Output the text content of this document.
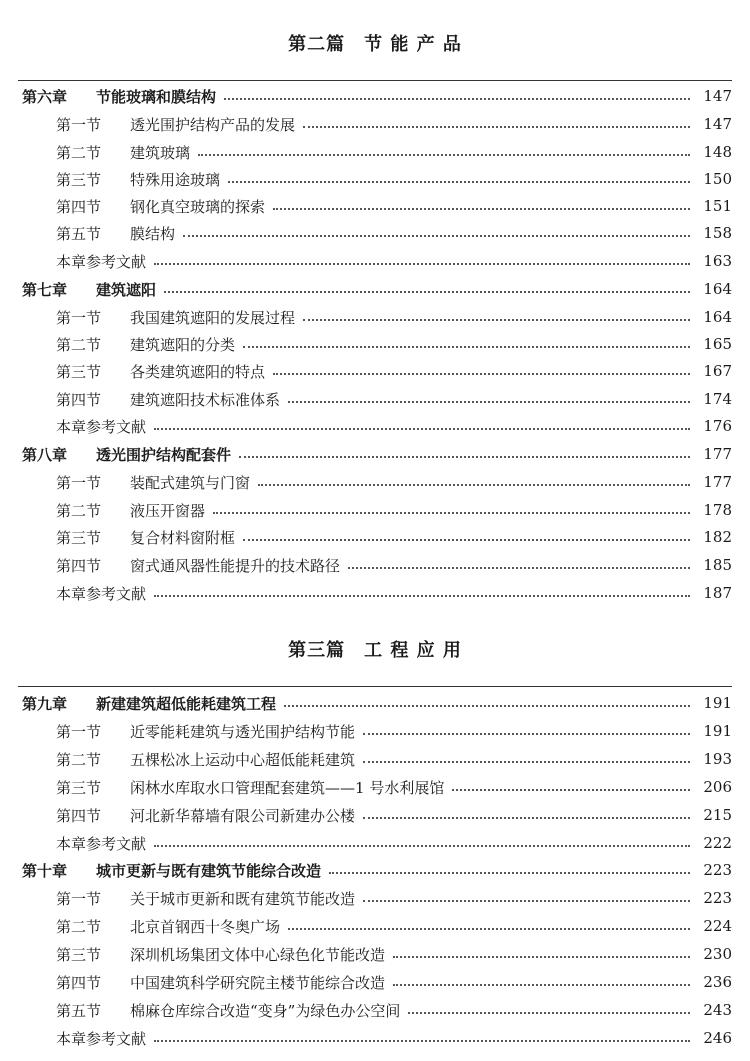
第二篇　节 能 产 品
第六章	节能玻璃和膜结构	147
第一节	透光围护结构产品的发展	147
第二节	建筑玻璃	148
第三节	特殊用途玻璃	150
第四节	钢化真空玻璃的探索	151
第五节	膜结构	158
本章参考文献	163
第七章	建筑遮阳	164
第一节	我国建筑遮阳的发展过程	164
第二节	建筑遮阳的分类	165
第三节	各类建筑遮阳的特点	167
第四节	建筑遮阳技术标准体系	174
本章参考文献	176
第八章	透光围护结构配套件	177
第一节	装配式建筑与门窗	177
第二节	液压开窗器	178
第三节	复合材料窗附框	182
第四节	窗式通风器性能提升的技术路径	185
本章参考文献	187
第三篇　工 程 应 用
第九章	新建建筑超低能耗建筑工程	191
第一节	近零能耗建筑与透光围护结构节能	191
第二节	五棵松冰上运动中心超低能耗建筑	193
第三节	闲林水库取水口管理配套建筑——1 号水利展馆	206
第四节	河北新华幕墙有限公司新建办公楼	215
本章参考文献	222
第十章	城市更新与既有建筑节能综合改造	223
第一节	关于城市更新和既有建筑节能改造	223
第二节	北京首钢西十冬奥广场	224
第三节	深圳机场集团文体中心绿色化节能改造	230
第四节	中国建筑科学研究院主楼节能综合改造	236
第五节	棉麻仓库综合改造“变身”为绿色办公空间	243
本章参考文献	246
